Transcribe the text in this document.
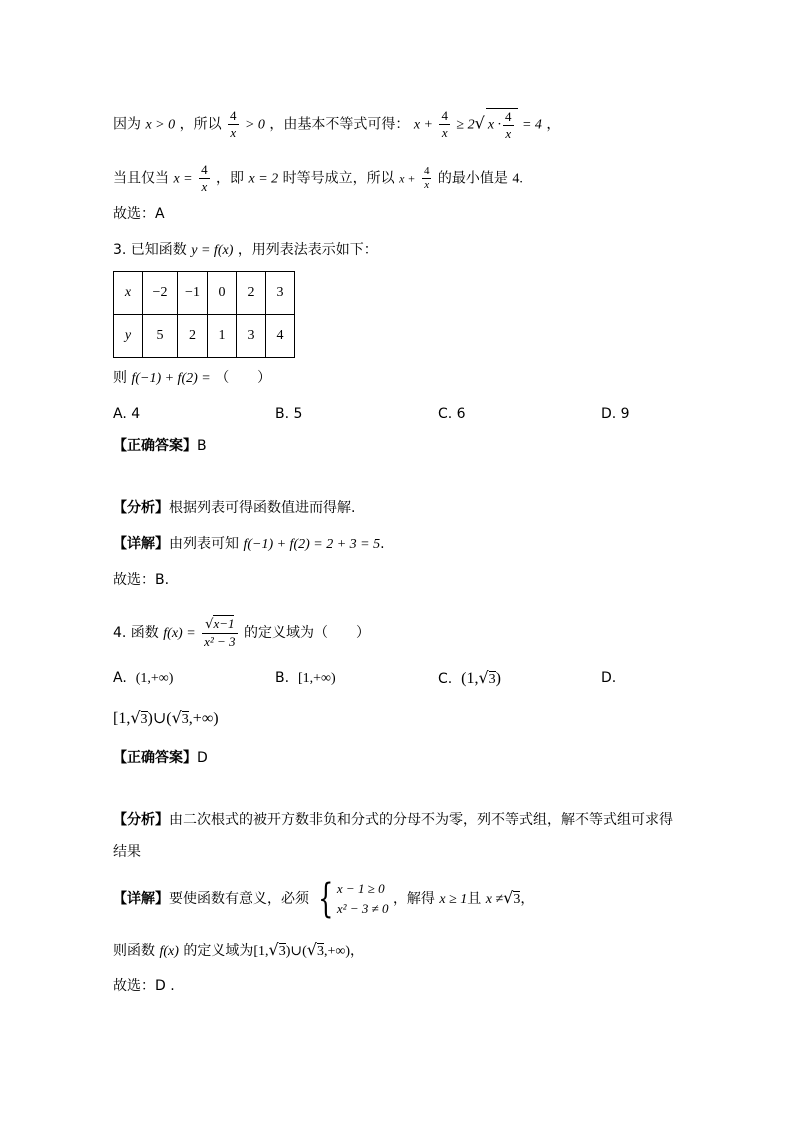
因为 x > 0 ，所以 $\frac{4}{x} > 0$ ，由基本不等式可得： $x + \frac{4}{x} \ge 2√$ $x \cdot \frac{4}{x} = 4$ ，
当且仅当 $x = \frac{4}{x}$ ，即 x = 2 时等号成立，所以 $x + \frac{4}{x}$ 的最小值是 4.
故选：A
3. 已知函数 y = f(x) ，用列表法表示如下：
x	−2	−1	0	2	3
y	5	2	1	3	4
则 f(−1) + f(2) = （　　）
A. 4	B. 5	C. 6	D. 9
【正确答案】B
【分析】根据列表可得函数值进而得解.
【详解】由列表可知 f(−1) + f(2) = 2 + 3 = 5.
故选：B.
4. 函数 $f(x) = \frac{√x-1}{\text{x² − 3}}$ 的定义域为（　　）
A. (1,+∞)	B. [1,+∞)	C. (1,√3)	D.
[1,√3)∪(√3,+∞)
【正确答案】D
【分析】由二次根式的被开方数非负和分式的分母不为零，列不等式组，解不等式组可求得
结果
【详解】要使函数有意义，必须 { x − 1 ≥ 0
x² − 3 ≠ 0
，解得 x ≥ 1且 x ≠√3，
则函数 f(x) 的定义域为[1,√3)∪(√3,+∞)，
故选：D .
